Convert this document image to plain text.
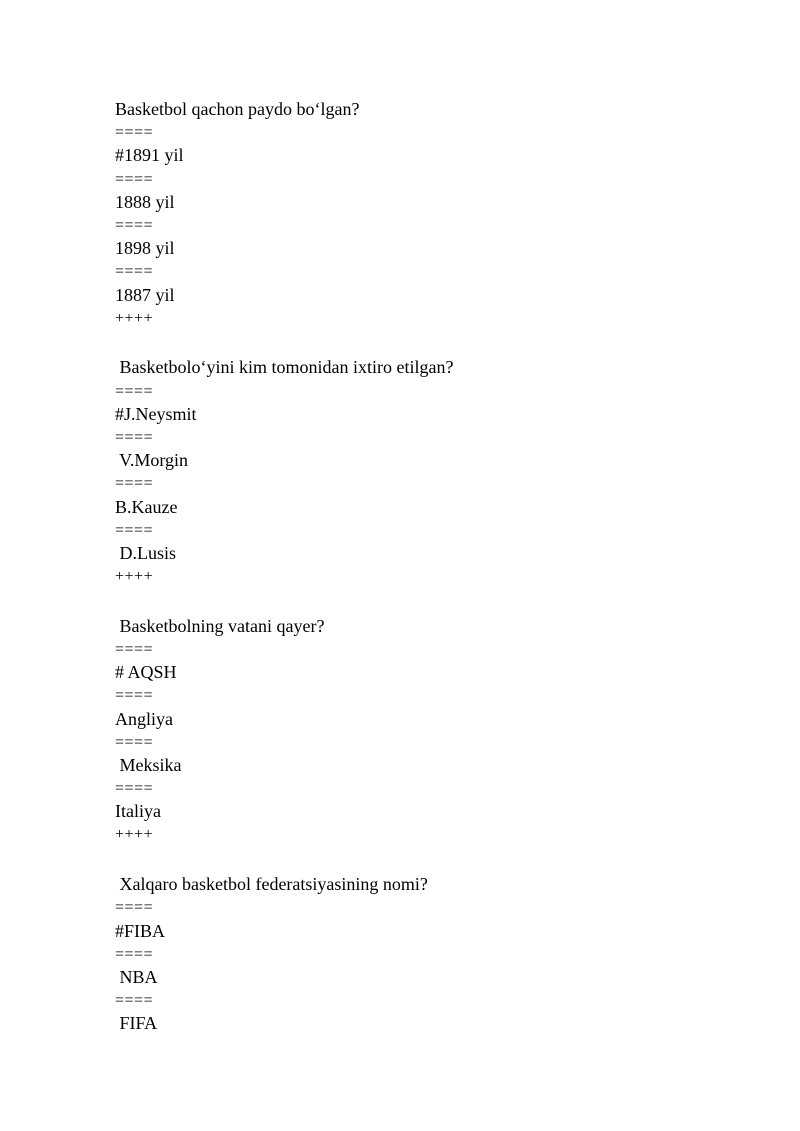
Basketbol qachon paydo bo‘lgan?
====
#1891 yil
====
1888 yil
====
1898 yil
====
1887 yil
++++
Basketbolo‘yini kim tomonidan ixtiro etilgan?
====
#J.Neysmit
====
V.Morgin
====
B.Kauze
====
D.Lusis
++++
Basketbolning vatani qayer?
====
# AQSH
====
Angliya
====
Meksika
====
Italiya
++++
Xalqaro basketbol federatsiyasining nomi?
====
#FIBA
====
NBA
====
FIFA
